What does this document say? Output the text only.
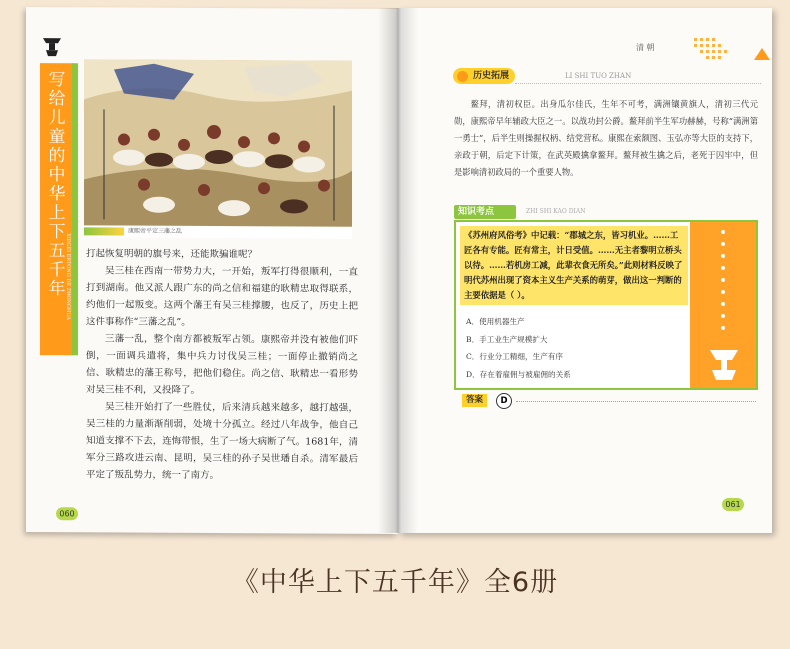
写给儿童的中华上下五千年
XIEGEI ERTONG DE ZHONGHUA
康熙帝平定三藩之乱

打起恢复明朝的旗号来，还能欺骗谁呢？

吴三桂在西南一带势力大，一开始，叛军打得很顺利，一直打到湖南。他又派人跟广东的尚之信和福建的耿精忠取得联系，约他们一起叛变。这两个藩王有吴三桂撑腰，也反了，历史上把这件事称作“三藩之乱”。

三藩一乱，整个南方都被叛军占领。康熙帝并没有被他们吓倒，一面调兵遣将，集中兵力讨伐吴三桂；一面停止撤销尚之信、耿精忠的藩王称号，把他们稳住。尚之信、耿精忠一看形势对吴三桂不利，又投降了。

吴三桂开始打了一些胜仗，后来清兵越来越多，越打越强，吴三桂的力量渐渐削弱，处境十分孤立。经过八年战争，他自己知道支撑不下去，连悔带恨，生了一场大病断了气。1681年，清军分三路攻进云南、昆明，吴三桂的孙子吴世璠自杀。清军最后平定了叛乱势力，统一了南方。

060
清 朝
历史拓展	LI SHI TUO ZHAN

鳌拜，清初权臣。出身瓜尔佳氏，生年不可考，满洲镶黄旗人，清初三代元勋，康熙帝早年辅政大臣之一。以战功封公爵。鳌拜前半生军功赫赫，号称“满洲第一勇士”，后半生则操握权柄、结党营私。康熙在索额图、玉弘亦等大臣的支持下，亲政于朝，后定下计策，在武英殿擒拿鳌拜。鳌拜被生擒之后，老死于囚牢中，但是影响清初政局的一个重要人物。

知识考点	ZHI SHI KAO DIAN
《苏州府风俗考》中记载：“郡城之东，皆习机业。……工匠各有专能。匠有常主，计日受值。……无主者黎明立桥头以待。……若机房工减，此辈衣食无所矣。”此则材料反映了明代苏州出现了资本主义生产关系的萌芽，做出这一判断的主要依据是（ ）。
A．使用机器生产
B．手工业生产规模扩大
C．行业分工精细，生产有序
D．存在着雇佣与被雇佣的关系
答案	D
061
《中华上下五千年》全6册
